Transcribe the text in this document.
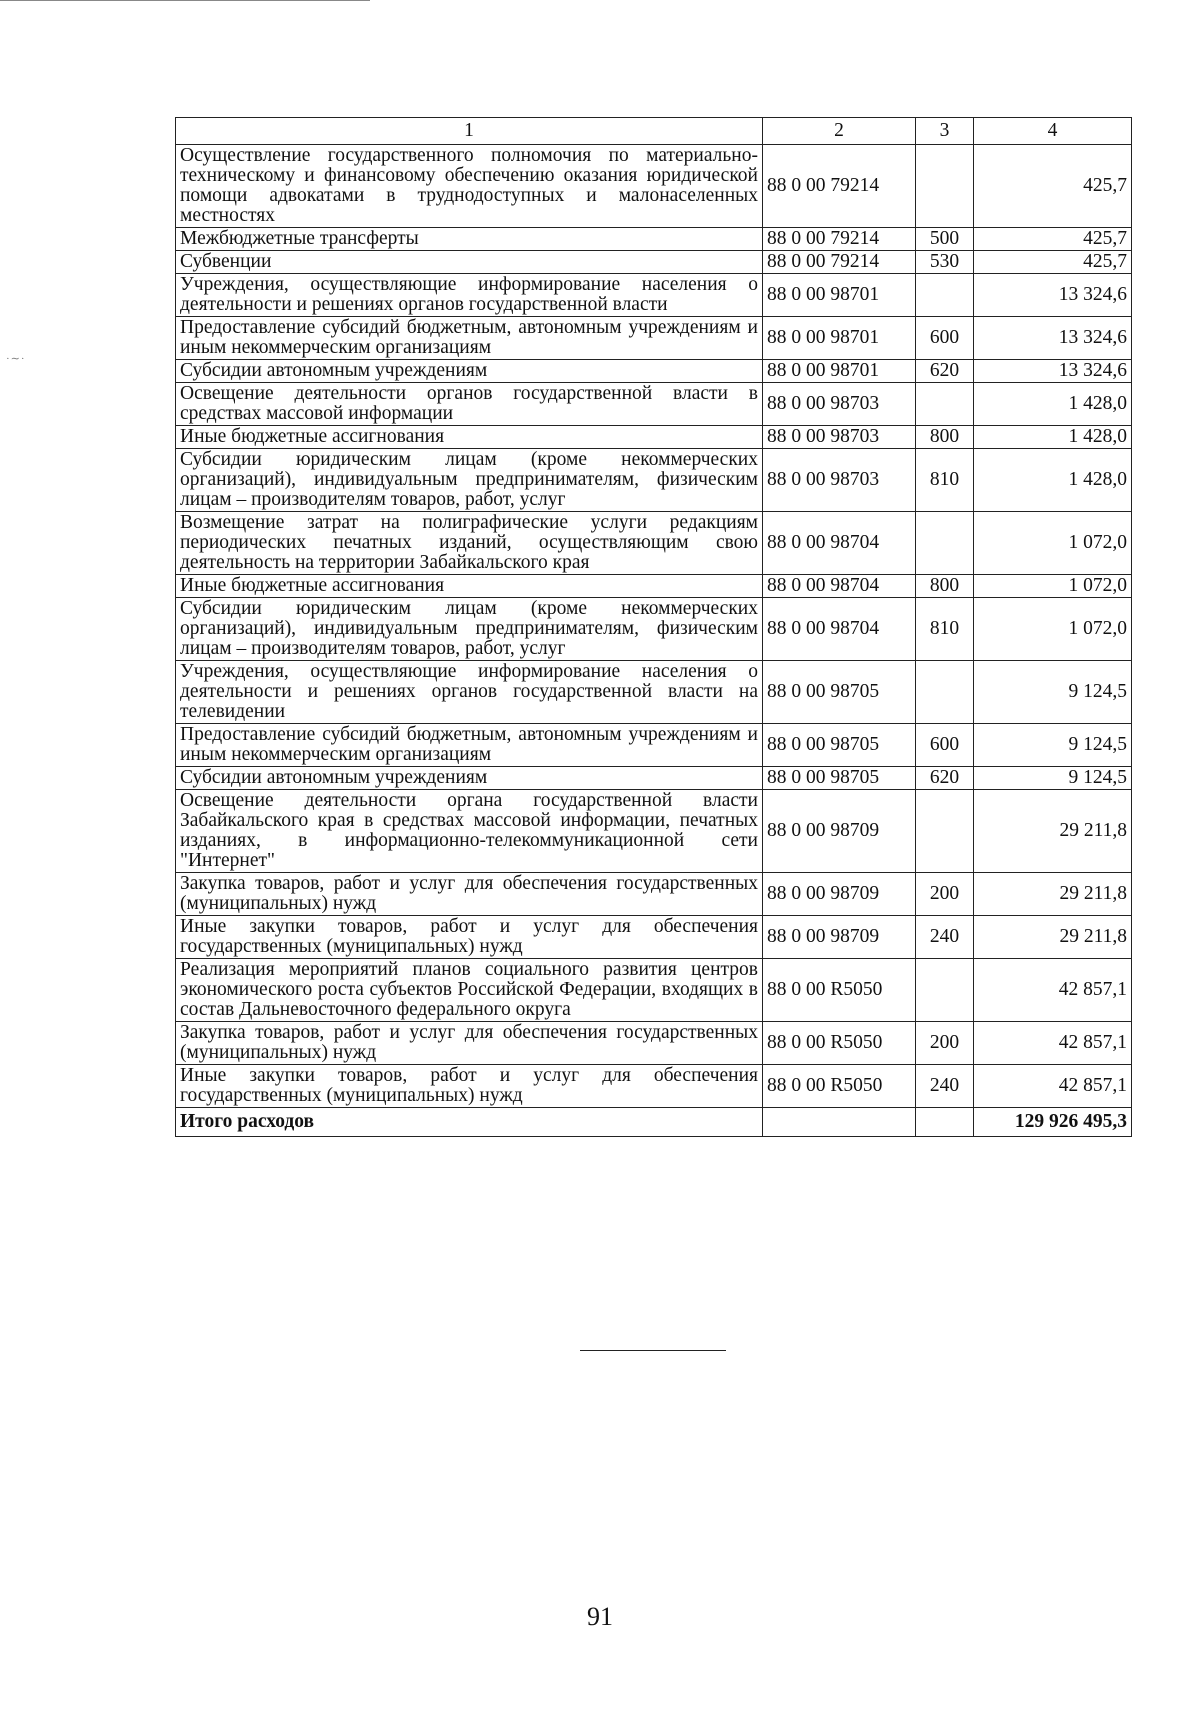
·∼·
1	2	3	4
Осуществление государственного полномочия по материально-техническому и финансовому обеспечению оказания юридической помощи адвокатами в труднодоступных и малонаселенных местностях	88 0 00 79214		425,7
Межбюджетные трансферты	88 0 00 79214	500	425,7
Субвенции	88 0 00 79214	530	425,7
Учреждения, осуществляющие информирование населения о деятельности и решениях органов государственной власти	88 0 00 98701		13 324,6
Предоставление субсидий бюджетным, автономным учреждениям и иным некоммерческим организациям	88 0 00 98701	600	13 324,6
Субсидии автономным учреждениям	88 0 00 98701	620	13 324,6
Освещение деятельности органов государственной власти в средствах массовой информации	88 0 00 98703		1 428,0
Иные бюджетные ассигнования	88 0 00 98703	800	1 428,0
Субсидии юридическим лицам (кроме некоммерческих организаций), индивидуальным предпринимателям, физическим лицам – производителям товаров, работ, услуг	88 0 00 98703	810	1 428,0
Возмещение затрат на полиграфические услуги редакциям периодических печатных изданий, осуществляющим свою деятельность на территории Забайкальского края	88 0 00 98704		1 072,0
Иные бюджетные ассигнования	88 0 00 98704	800	1 072,0
Субсидии юридическим лицам (кроме некоммерческих организаций), индивидуальным предпринимателям, физическим лицам – производителям товаров, работ, услуг	88 0 00 98704	810	1 072,0
Учреждения, осуществляющие информирование населения о деятельности и решениях органов государственной власти на телевидении	88 0 00 98705		9 124,5
Предоставление субсидий бюджетным, автономным учреждениям и иным некоммерческим организациям	88 0 00 98705	600	9 124,5
Субсидии автономным учреждениям	88 0 00 98705	620	9 124,5
Освещение деятельности органа государственной власти Забайкальского края в средствах массовой информации, печатных изданиях, в информационно-телекоммуникационной сети "Интернет"	88 0 00 98709		29 211,8
Закупка товаров, работ и услуг для обеспечения государственных (муниципальных) нужд	88 0 00 98709	200	29 211,8
Иные закупки товаров, работ и услуг для обеспечения государственных (муниципальных) нужд	88 0 00 98709	240	29 211,8
Реализация мероприятий планов социального развития центров экономического роста субъектов Российской Федерации, входящих в состав Дальневосточного федерального округа	88 0 00 R5050		42 857,1
Закупка товаров, работ и услуг для обеспечения государственных (муниципальных) нужд	88 0 00 R5050	200	42 857,1
Иные закупки товаров, работ и услуг для обеспечения государственных (муниципальных) нужд	88 0 00 R5050	240	42 857,1
Итого расходов			129 926 495,3
91
